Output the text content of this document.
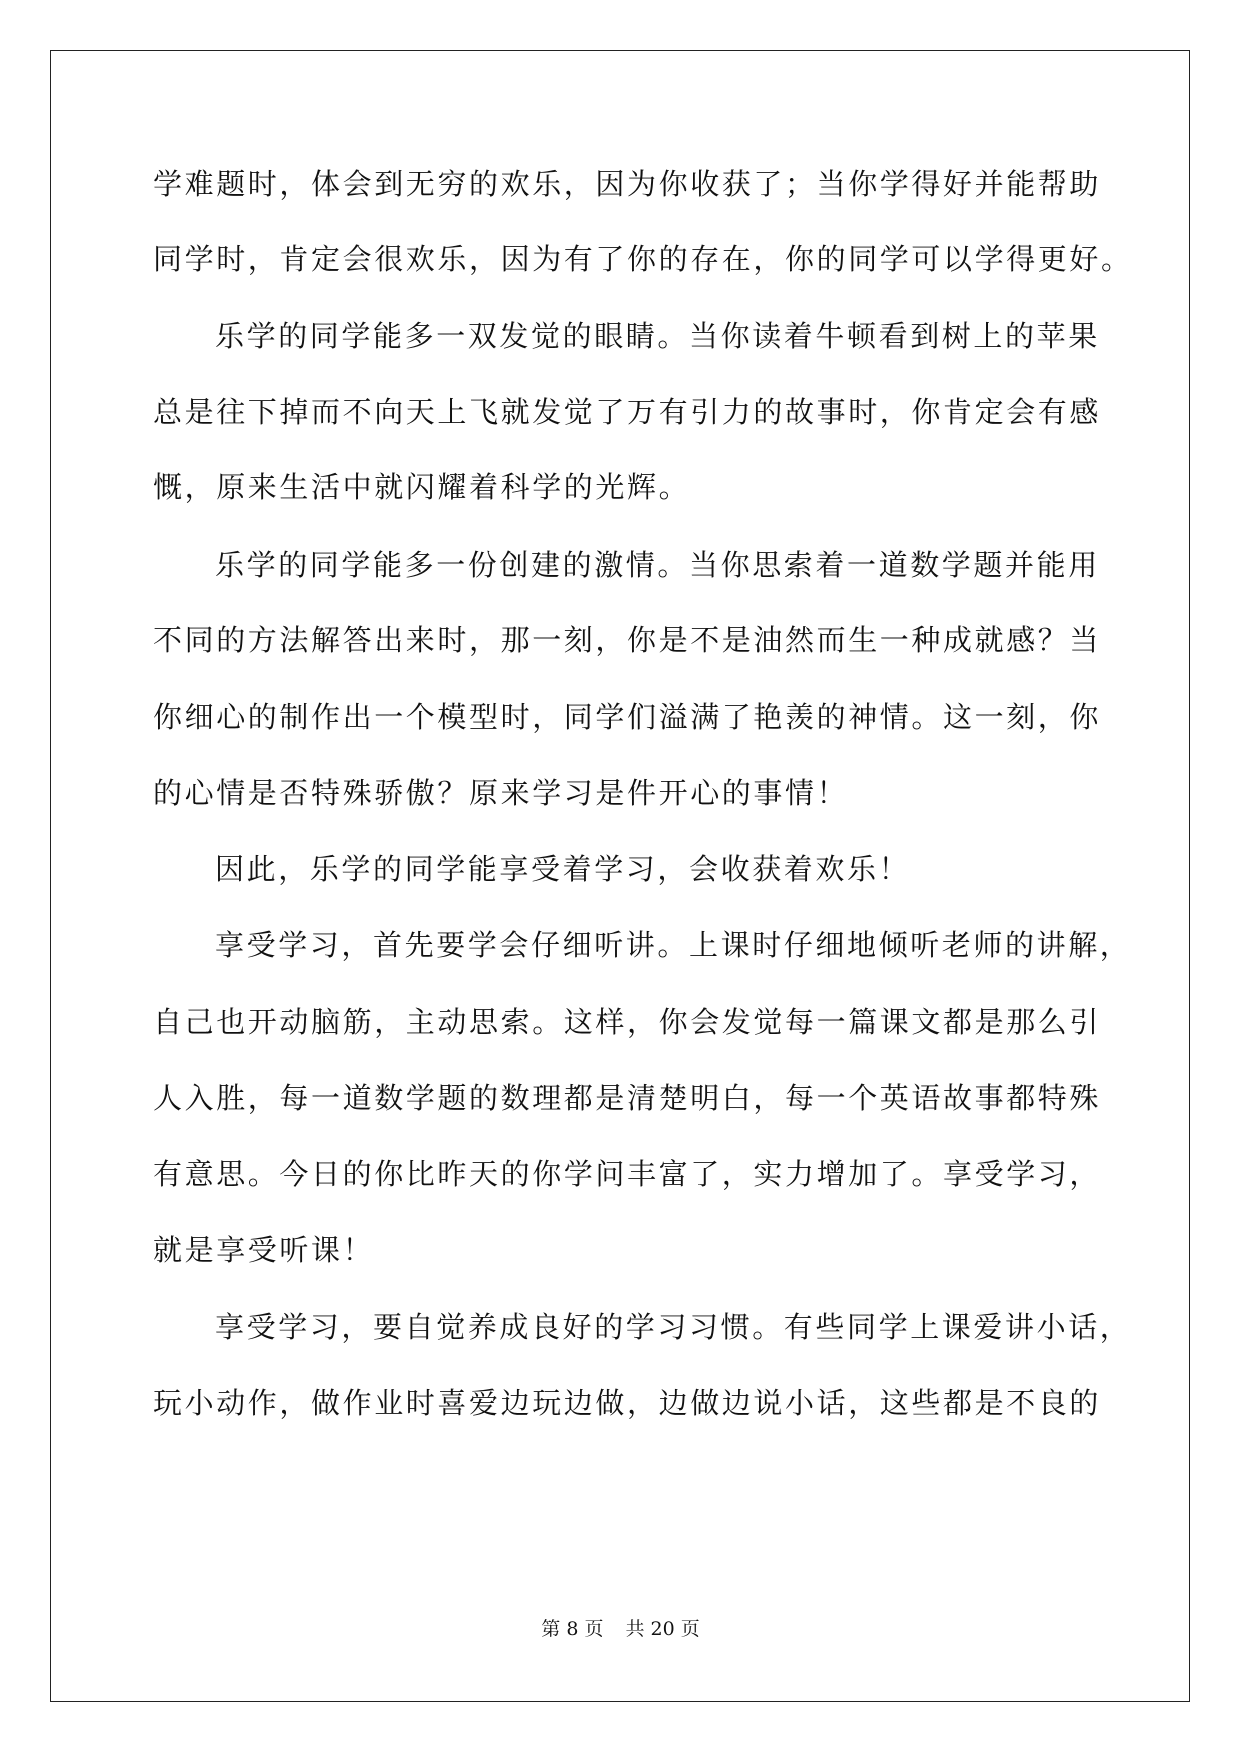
学难题时，体会到无穷的欢乐，因为你收获了；当你学得好并能帮助
同学时，肯定会很欢乐，因为有了你的存在，你的同学可以学得更好。
乐学的同学能多一双发觉的眼睛。当你读着牛顿看到树上的苹果
总是往下掉而不向天上飞就发觉了万有引力的故事时，你肯定会有感
慨，原来生活中就闪耀着科学的光辉。
乐学的同学能多一份创建的激情。当你思索着一道数学题并能用
不同的方法解答出来时，那一刻，你是不是油然而生一种成就感？当
你细心的制作出一个模型时，同学们溢满了艳羡的神情。这一刻，你
的心情是否特殊骄傲？原来学习是件开心的事情！
因此，乐学的同学能享受着学习，会收获着欢乐！
享受学习，首先要学会仔细听讲。上课时仔细地倾听老师的讲解，
自己也开动脑筋，主动思索。这样，你会发觉每一篇课文都是那么引
人入胜，每一道数学题的数理都是清楚明白，每一个英语故事都特殊
有意思。今日的你比昨天的你学问丰富了，实力增加了。享受学习，
就是享受听课！
享受学习，要自觉养成良好的学习习惯。有些同学上课爱讲小话，
玩小动作，做作业时喜爱边玩边做，边做边说小话，这些都是不良的
第 8 页 共 20 页
